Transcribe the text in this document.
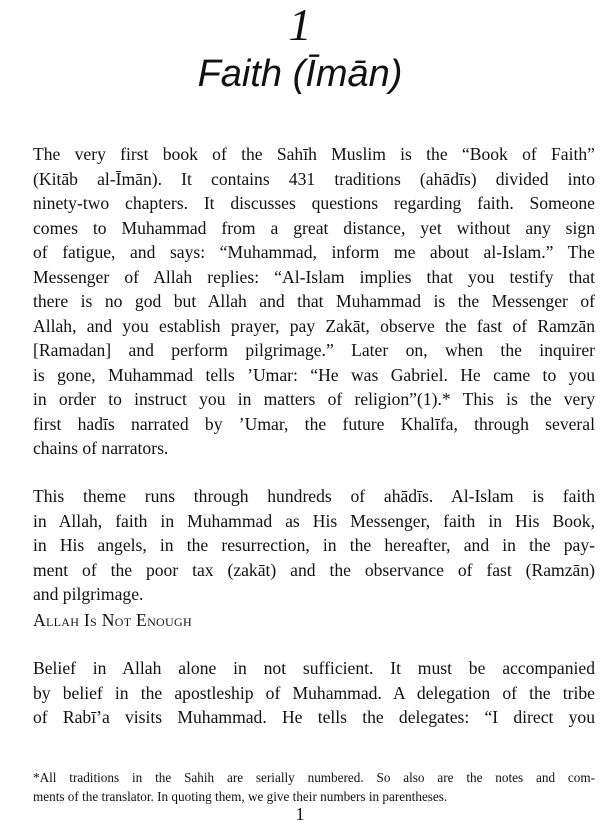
1
Faith (Īmān)
The very first book of the Sahīh Muslim is the “Book of Faith”
(Kitāb al-Īmān). It contains 431 traditions (ahādīs) divided into
ninety-two chapters. It discusses questions regarding faith. Someone
comes to Muhammad from a great distance, yet without any sign
of fatigue, and says: “Muhammad, inform me about al-Islam.” The
Messenger of Allah replies: “Al-Islam implies that you testify that
there is no god but Allah and that Muhammad is the Messenger of
Allah, and you establish prayer, pay Zakāt, observe the fast of Ramzān
[Ramadan] and perform pilgrimage.” Later on, when the inquirer
is gone, Muhammad tells ’Umar: “He was Gabriel. He came to you
in order to instruct you in matters of religion”(1).* This is the very
first hadīs narrated by ’Umar, the future Khalīfa, through several
chains of narrators.
This theme runs through hundreds of ahādīs. Al-Islam is faith
in Allah, faith in Muhammad as His Messenger, faith in His Book,
in His angels, in the resurrection, in the hereafter, and in the pay-
ment of the poor tax (zakāt) and the observance of fast (Ramzān)
and pilgrimage.
Allah Is Not Enough
Belief in Allah alone in not sufficient. It must be accompanied
by belief in the apostleship of Muhammad. A delegation of the tribe
of Rabī’a visits Muhammad. He tells the delegates: “I direct you
*All traditions in the Sahih are serially numbered. So also are the notes and com-
ments of the translator. In quoting them, we give their numbers in parentheses.
1
